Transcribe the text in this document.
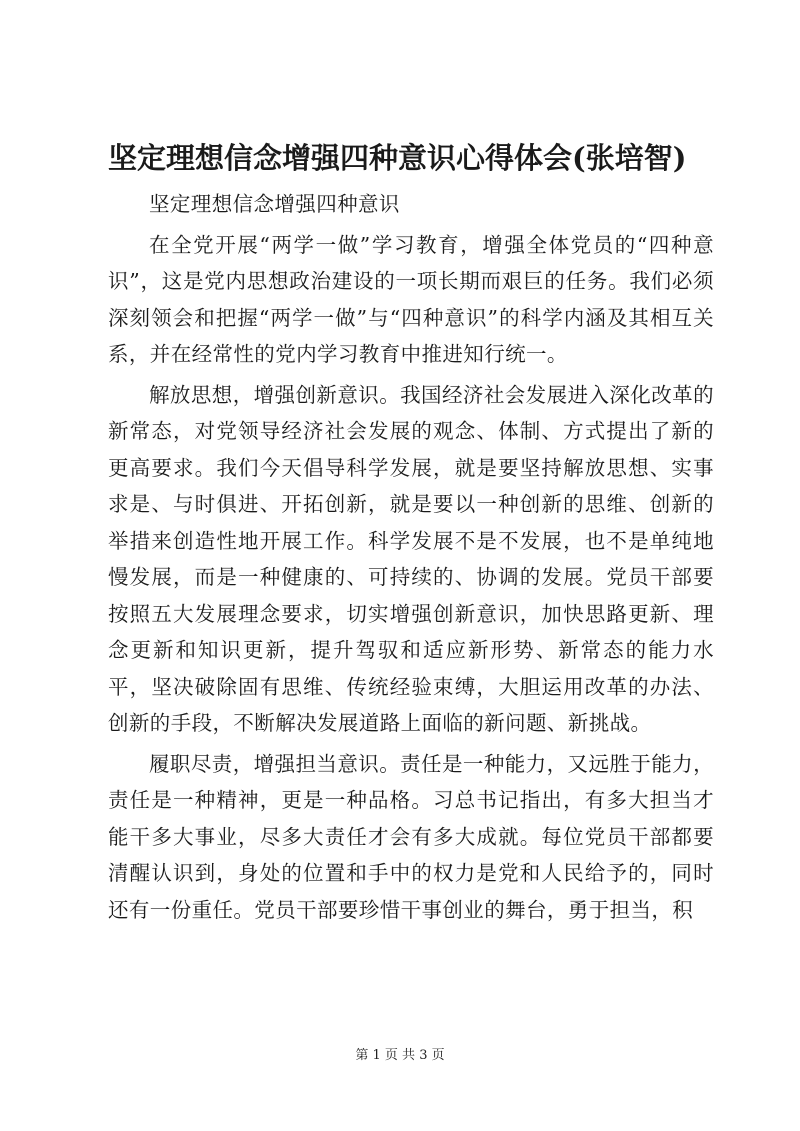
坚定理想信念增强四种意识心得体会(张培智)

坚定理想信念增强四种意识

在全党开展“两学一做”学习教育，增强全体党员的“四种意识”，这是党内思想政治建设的一项长期而艰巨的任务。我们必须深刻领会和把握“两学一做”与“四种意识”的科学内涵及其相互关系，并在经常性的党内学习教育中推进知行统一。

解放思想，增强创新意识。我国经济社会发展进入深化改革的新常态，对党领导经济社会发展的观念、体制、方式提出了新的更高要求。我们今天倡导科学发展，就是要坚持解放思想、实事求是、与时俱进、开拓创新，就是要以一种创新的思维、创新的举措来创造性地开展工作。科学发展不是不发展，也不是单纯地慢发展，而是一种健康的、可持续的、协调的发展。党员干部要按照五大发展理念要求，切实增强创新意识，加快思路更新、理念更新和知识更新，提升驾驭和适应新形势、新常态的能力水平，坚决破除固有思维、传统经验束缚，大胆运用改革的办法、创新的手段，不断解决发展道路上面临的新问题、新挑战。

履职尽责，增强担当意识。责任是一种能力，又远胜于能力，责任是一种精神，更是一种品格。习总书记指出，有多大担当才能干多大事业，尽多大责任才会有多大成就。每位党员干部都要清醒认识到，身处的位置和手中的权力是党和人民给予的，同时还有一份重任。党员干部要珍惜干事创业的舞台，勇于担当，积

第 1 页 共 3 页
